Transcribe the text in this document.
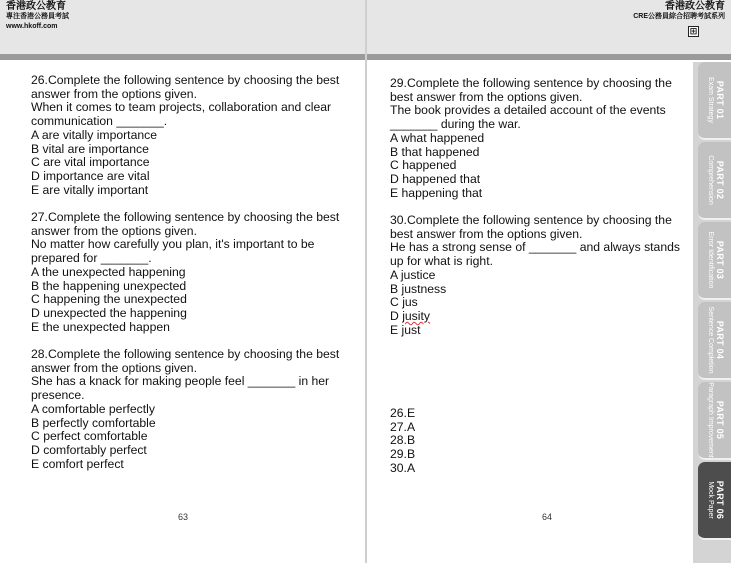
香港政公教育
專注香港公務員考試
www.hkoff.com
香港政公教育
CRE公務員綜合招聘考試系列
⊞

26.Complete the following sentence by choosing the best answer from the options given.

When it comes to team projects, collaboration and clear communication _______.

A are vitally importance

B vital are importance

C are vital importance

D importance are vital

E are vitally important

27.Complete the following sentence by choosing the best answer from the options given.

No matter how carefully you plan, it's important to be prepared for _______.

A the unexpected happening

B the happening unexpected

C happening the unexpected

D unexpected the happening

E the unexpected happen

28.Complete the following sentence by choosing the best answer from the options given.

She has a knack for making people feel _______ in her presence.

A comfortable perfectly

B perfectly comfortable

C perfect comfortable

D comfortably perfect

E comfort perfect

29.Complete the following sentence by choosing the best answer from the options given.

The book provides a detailed account of the events _______ during the war.

A what happened

B that happened

C happened

D happened that

E happening that

30.Complete the following sentence by choosing the best answer from the options given.

He has a strong sense of _______ and always stands up for what is right.

A justice

B justness

C jus

D jusity

E just

26.E
27.A
28.B
29.B
30.A
63	64
PART 01
Exam Strategy
PART 02
Comprehension
PART 03
Error Identification
PART 04
Sentence Completion
PART 05
Paragraph Improvement
PART 06
Mock Paper
